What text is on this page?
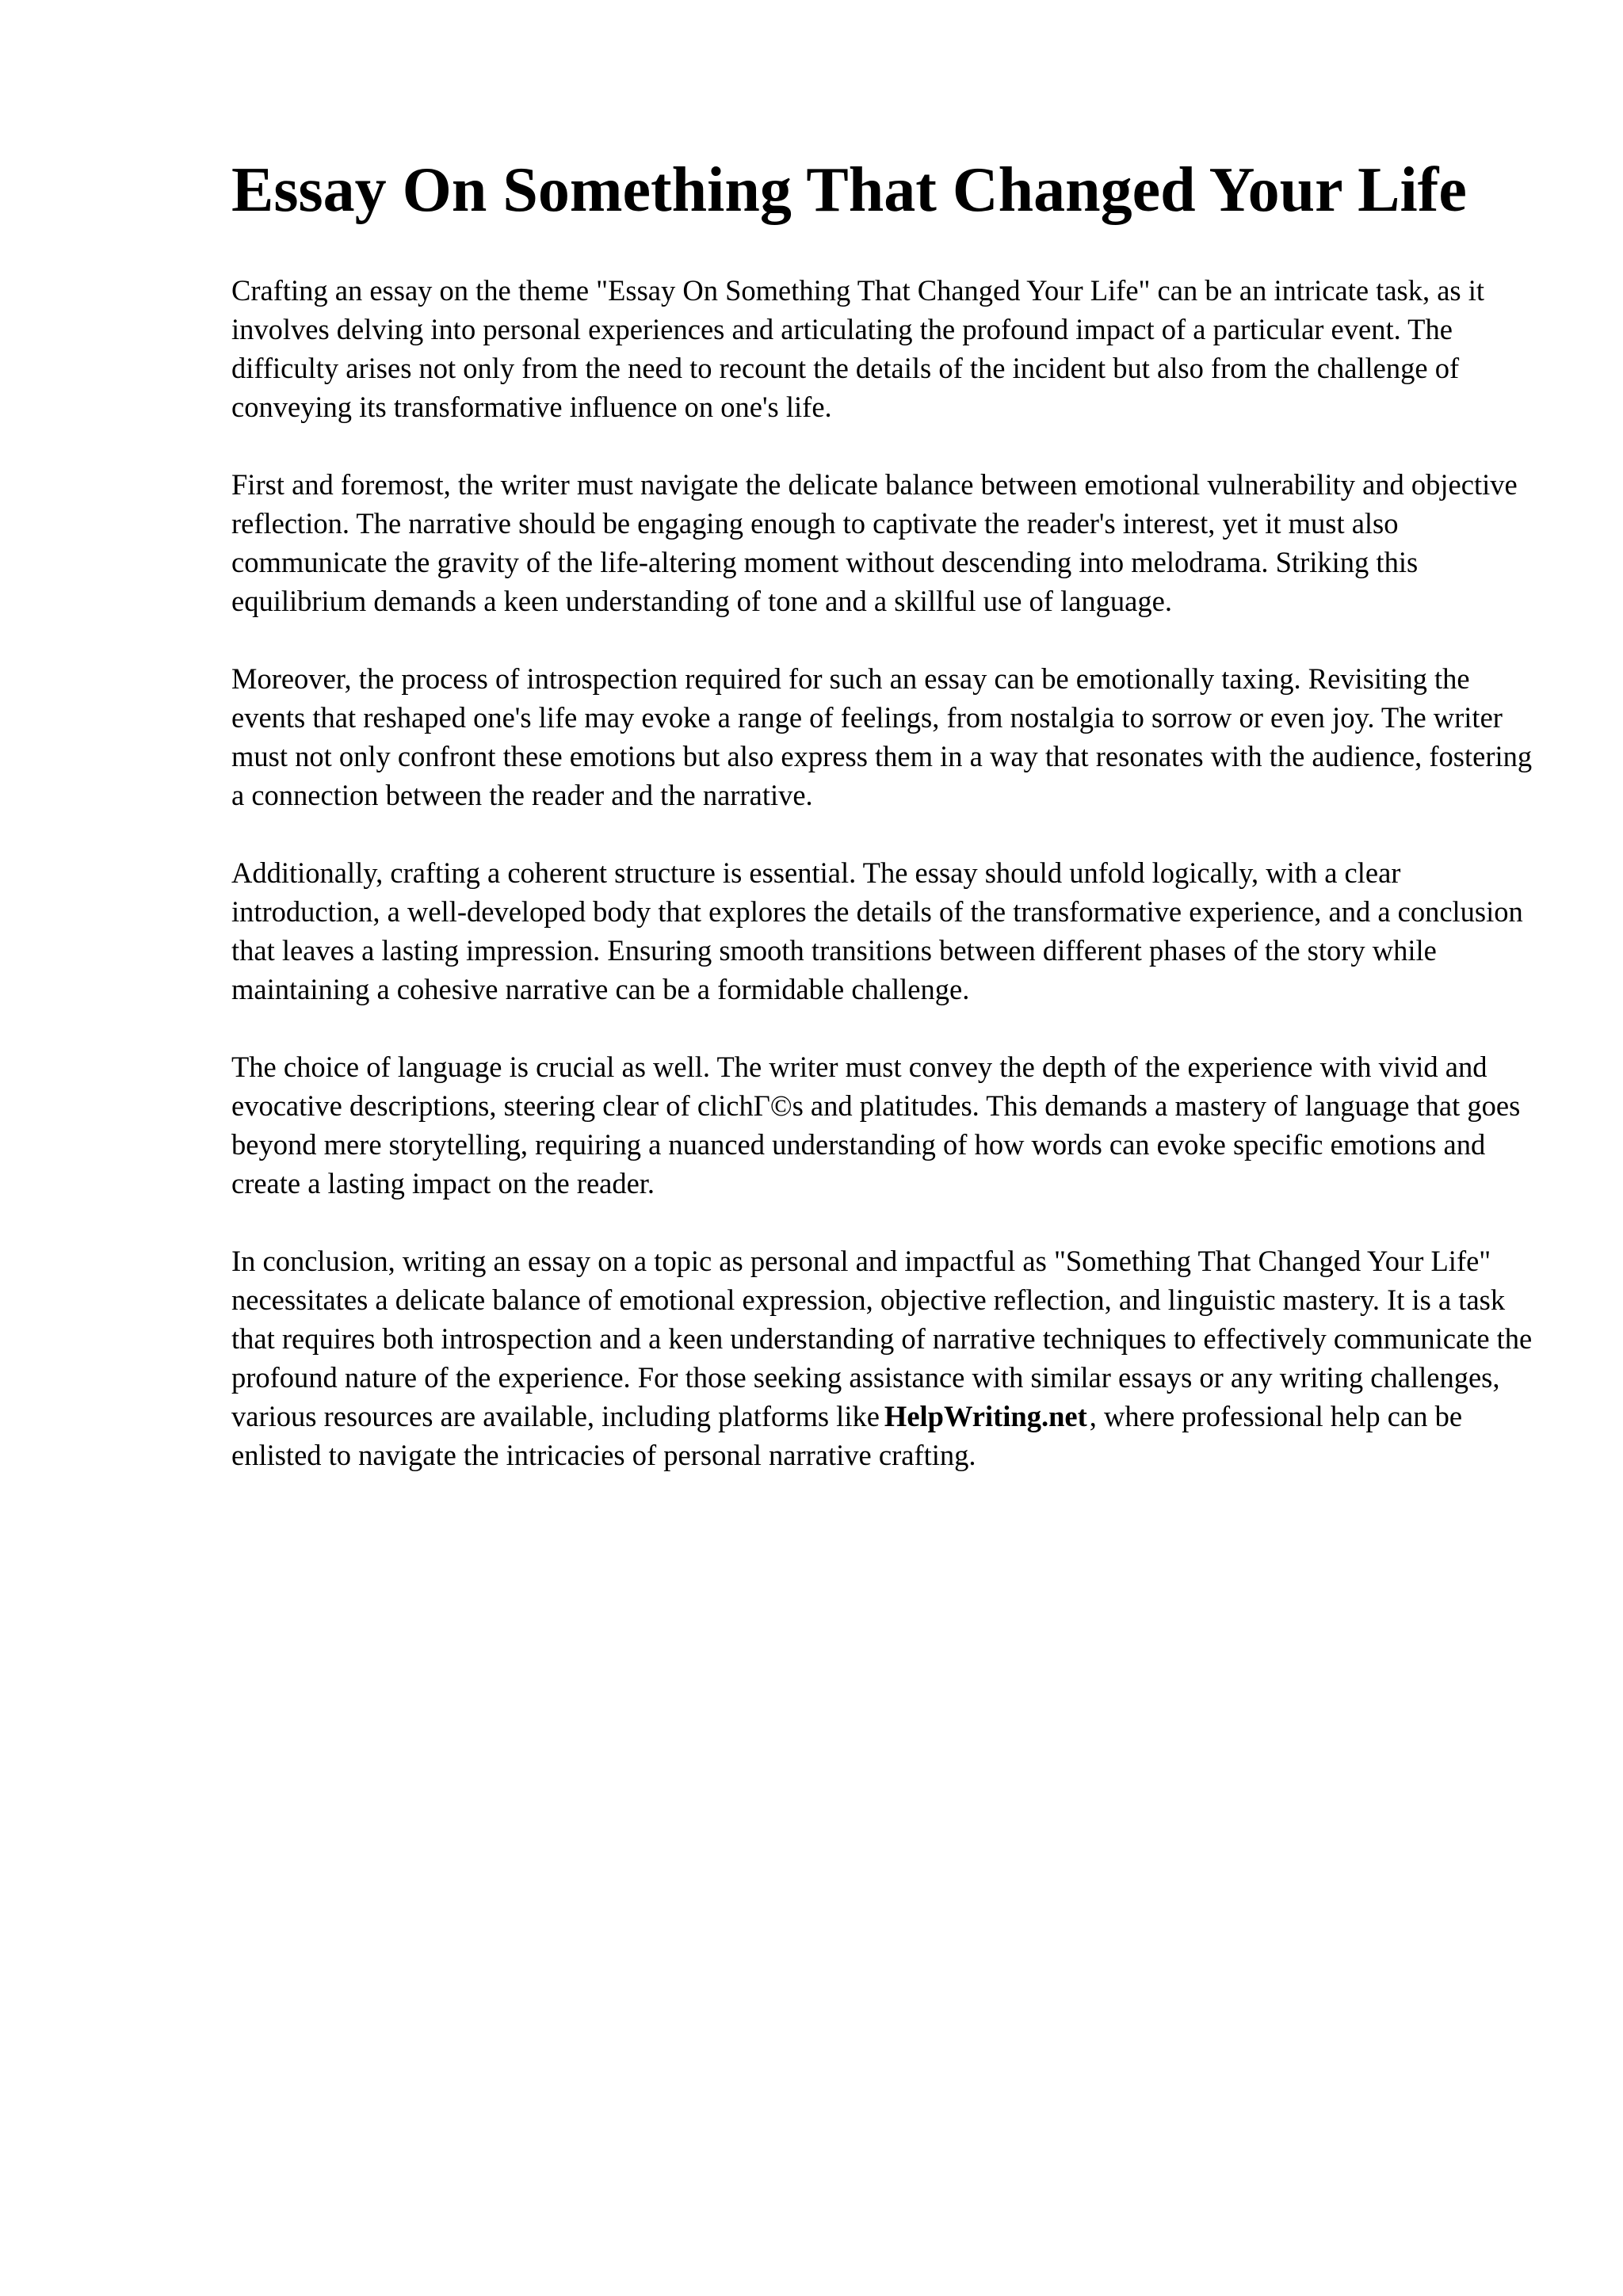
Essay On Something That Changed Your Life

Crafting an essay on the theme "Essay On Something That Changed Your Life" can be an intricate task, as it involves delving into personal experiences and articulating the profound impact of a particular event. The difficulty arises not only from the need to recount the details of the incident but also from the challenge of conveying its transformative influence on one's life.

First and foremost, the writer must navigate the delicate balance between emotional vulnerability and objective reflection. The narrative should be engaging enough to captivate the reader's interest, yet it must also communicate the gravity of the life-altering moment without descending into melodrama. Striking this equilibrium demands a keen understanding of tone and a skillful use of language.

Moreover, the process of introspection required for such an essay can be emotionally taxing. Revisiting the events that reshaped one's life may evoke a range of feelings, from nostalgia to sorrow or even joy. The writer must not only confront these emotions but also express them in a way that resonates with the audience, fostering a connection between the reader and the narrative.

Additionally, crafting a coherent structure is essential. The essay should unfold logically, with a clear introduction, a well-developed body that explores the details of the transformative experience, and a conclusion that leaves a lasting impression. Ensuring smooth transitions between different phases of the story while maintaining a cohesive narrative can be a formidable challenge.

The choice of language is crucial as well. The writer must convey the depth of the experience with vivid and evocative descriptions, steering clear of clichГ©s and platitudes. This demands a mastery of language that goes beyond mere storytelling, requiring a nuanced understanding of how words can evoke specific emotions and create a lasting impact on the reader.

In conclusion, writing an essay on a topic as personal and impactful as "Something That Changed Your Life" necessitates a delicate balance of emotional expression, objective reflection, and linguistic mastery. It is a task that requires both introspection and a keen understanding of narrative techniques to effectively communicate the profound nature of the experience. For those seeking assistance with similar essays or any writing challenges, various resources are available, including platforms like HelpWriting.net, where professional help can be enlisted to navigate the intricacies of personal narrative crafting.
